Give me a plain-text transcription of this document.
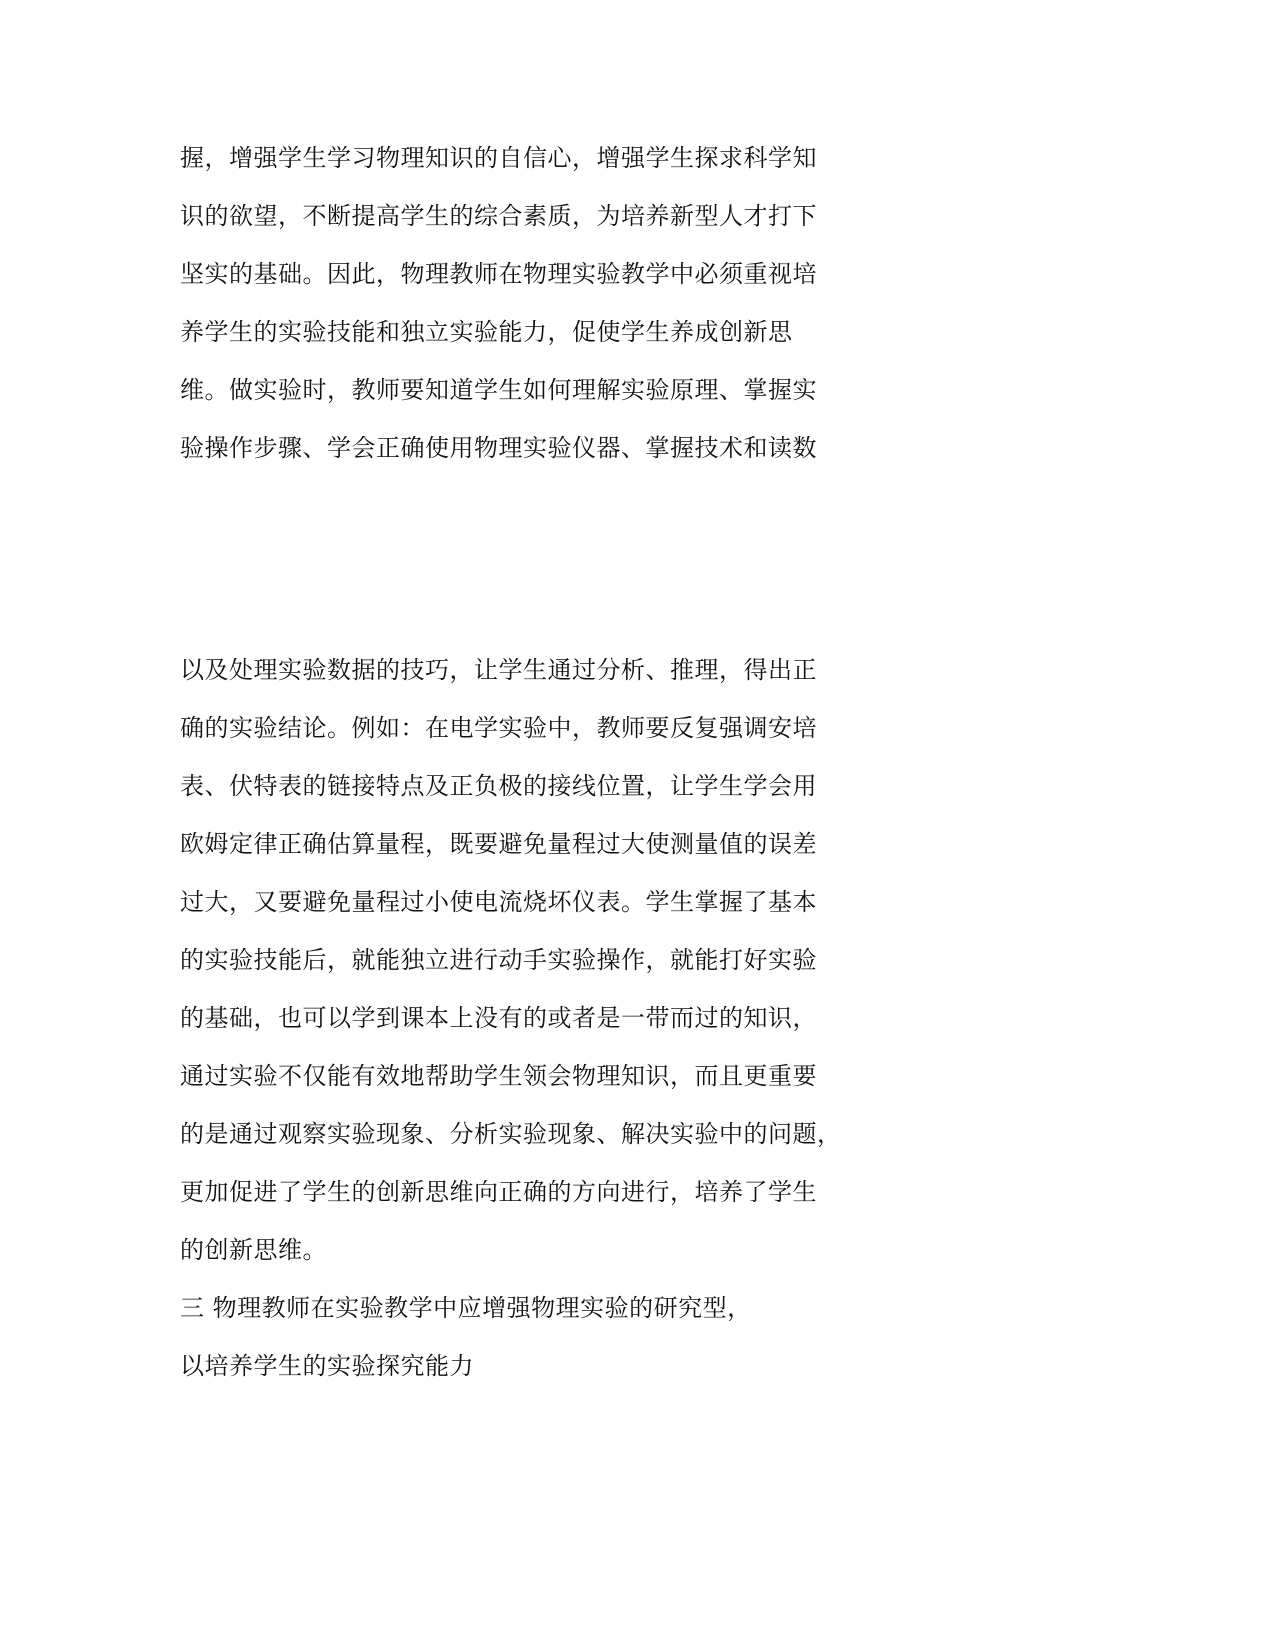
握，增强学生学习物理知识的自信心，增强学生探求科学知
识的欲望，不断提高学生的综合素质，为培养新型人才打下
坚实的基础。因此，物理教师在物理实验教学中必须重视培
养学生的实验技能和独立实验能力，促使学生养成创新思
维。做实验时，教师要知道学生如何理解实验原理、掌握实
验操作步骤、学会正确使用物理实验仪器、掌握技术和读数
以及处理实验数据的技巧，让学生通过分析、推理，得出正
确的实验结论。例如：在电学实验中，教师要反复强调安培
表、伏特表的链接特点及正负极的接线位置，让学生学会用
欧姆定律正确估算量程，既要避免量程过大使测量值的误差
过大，又要避免量程过小使电流烧坏仪表。学生掌握了基本
的实验技能后，就能独立进行动手实验操作，就能打好实验
的基础，也可以学到课本上没有的或者是一带而过的知识，
通过实验不仅能有效地帮助学生领会物理知识，而且更重要
的是通过观察实验现象、分析实验现象、解决实验中的问题，
更加促进了学生的创新思维向正确的方向进行，培养了学生
的创新思维。
三 物理教师在实验教学中应增强物理实验的研究型，
以培养学生的实验探究能力
